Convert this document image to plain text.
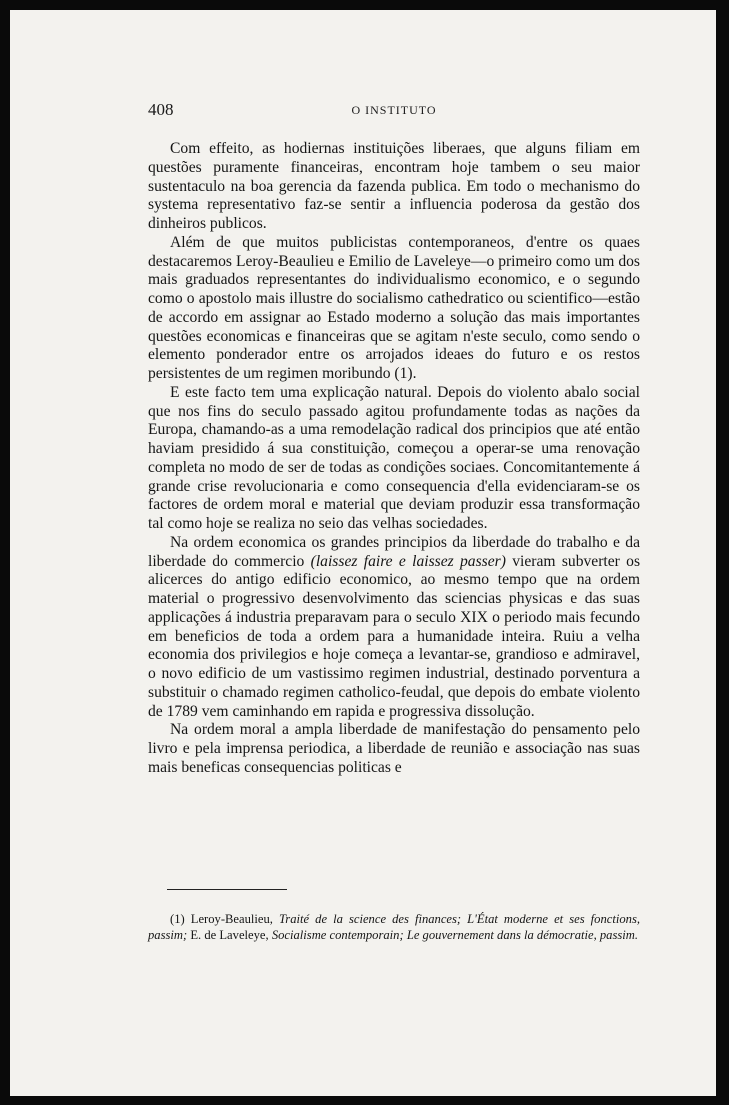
408	O INSTITUTO

Com effeito, as hodiernas instituições liberaes, que alguns filiam em questões puramente financeiras, encontram hoje tambem o seu maior sustentaculo na boa gerencia da fazenda publica. Em todo o mechanismo do systema representativo faz-se sentir a influencia poderosa da gestão dos dinheiros publicos.

Além de que muitos publicistas contemporaneos, d'entre os quaes destacaremos Leroy-Beaulieu e Emilio de Laveleye—o primeiro como um dos mais graduados representantes do individualismo economico, e o segundo como o apostolo mais illustre do socialismo cathedratico ou scientifico—estão de accordo em assignar ao Estado moderno a solução das mais importantes questões economicas e financeiras que se agitam n'este seculo, como sendo o elemento ponderador entre os arrojados ideaes do futuro e os restos persistentes de um regimen moribundo (1).

E este facto tem uma explicação natural. Depois do violento abalo social que nos fins do seculo passado agitou profundamente todas as nações da Europa, chamando-as a uma remodelação radical dos principios que até então haviam presidido á sua constituição, começou a operar-se uma renovação completa no modo de ser de todas as condições sociaes. Concomitantemente á grande crise revolucionaria e como consequencia d'ella evidenciaram-se os factores de ordem moral e material que deviam produzir essa transformação tal como hoje se realiza no seio das velhas sociedades.

Na ordem economica os grandes principios da liberdade do trabalho e da liberdade do commercio (laissez faire e laissez passer) vieram subverter os alicerces do antigo edificio economico, ao mesmo tempo que na ordem material o progressivo desenvolvimento das sciencias physicas e das suas applicações á industria preparavam para o seculo XIX o periodo mais fecundo em beneficios de toda a ordem para a humanidade inteira. Ruiu a velha economia dos privilegios e hoje começa a levantar-se, grandioso e admiravel, o novo edificio de um vastissimo regimen industrial, destinado porventura a substituir o chamado regimen catholico-feudal, que depois do embate violento de 1789 vem caminhando em rapida e progressiva dissolução.

Na ordem moral a ampla liberdade de manifestação do pensamento pelo livro e pela imprensa periodica, a liberdade de reunião e associação nas suas mais beneficas consequencias politicas e

(1) Leroy-Beaulieu, Traité de la science des finances; L'État moderne et ses fonctions, passim; E. de Laveleye, Socialisme contemporain; Le gouvernement dans la démocratie, passim.
